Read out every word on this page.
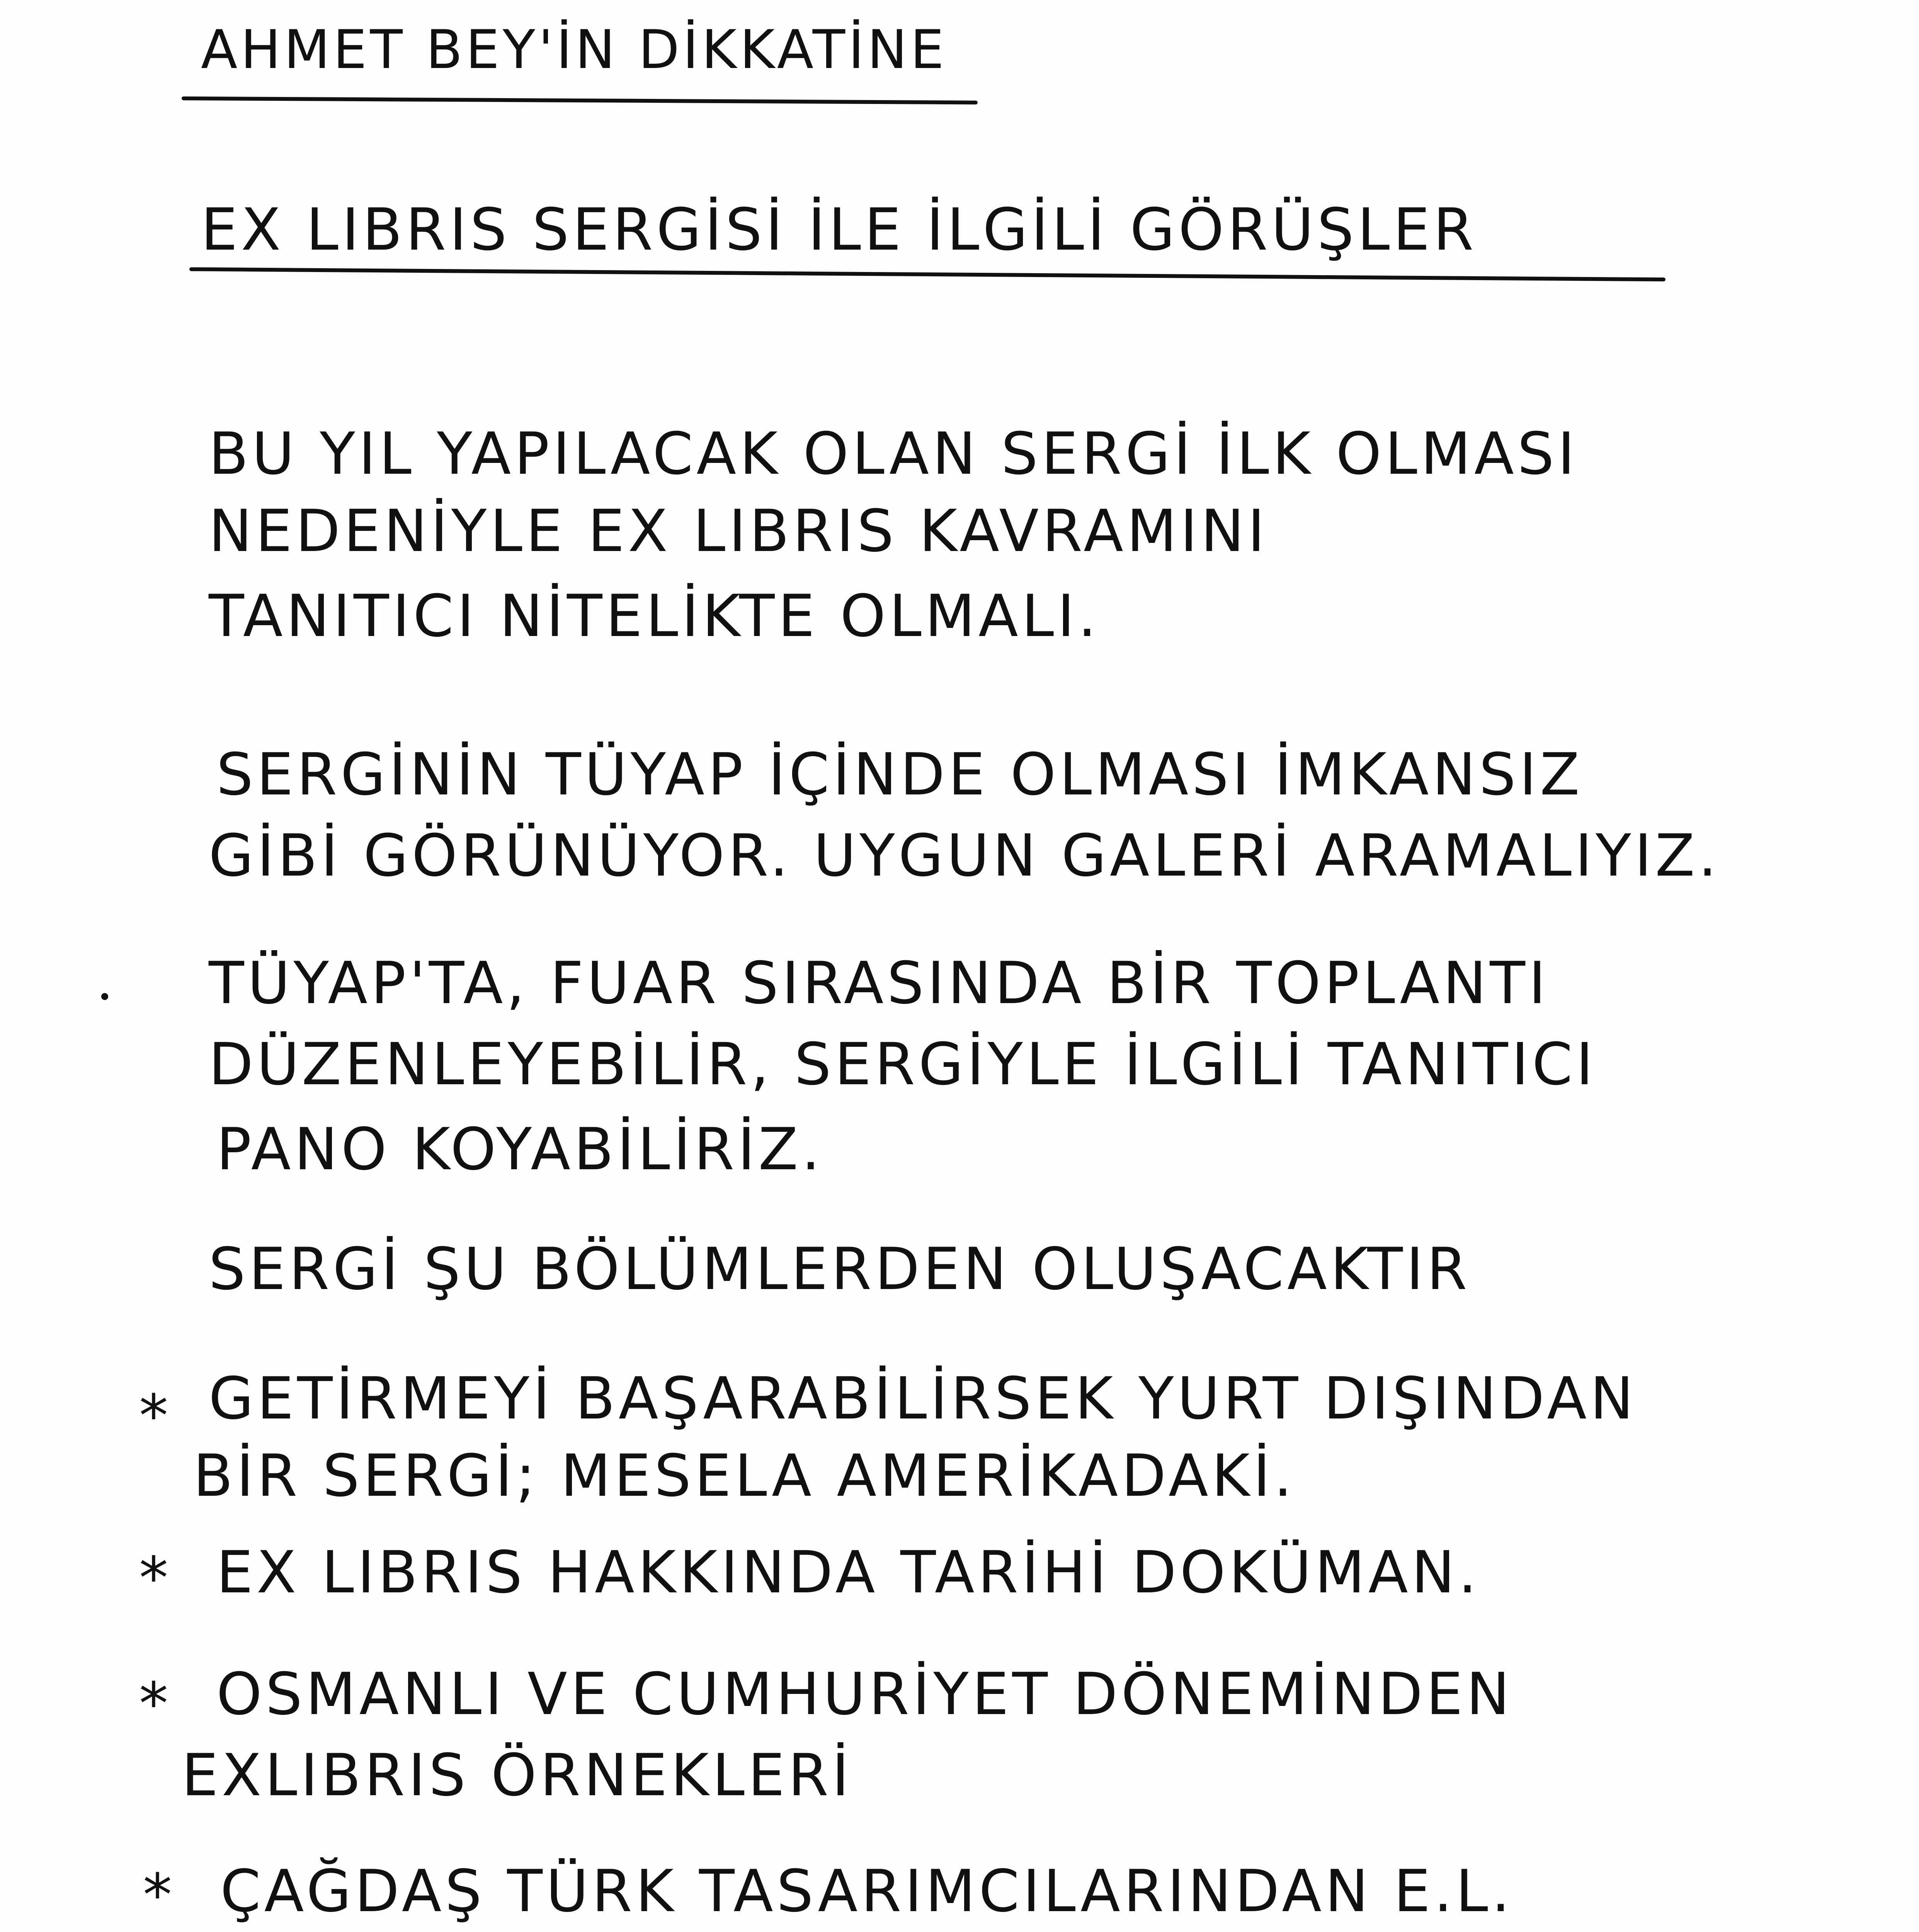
AHMET BEY'İN DİKKATİNE
EX LIBRIS SERGİSİ İLE İLGİLİ GÖRÜŞLER
BU YIL YAPILACAK OLAN SERGİ İLK OLMASI
NEDENİYLE EX LIBRIS KAVRAMINI
TANITICI NİTELİKTE OLMALI.
SERGİNİN TÜYAP İÇİNDE OLMASI İMKANSIZ
GİBİ GÖRÜNÜYOR. UYGUN GALERİ ARAMALIYIZ.
TÜYAP'TA, FUAR SIRASINDA BİR TOPLANTI
DÜZENLEYEBİLİR, SERGİYLE İLGİLİ TANITICI
PANO KOYABİLİRİZ.
SERGİ ŞU BÖLÜMLERDEN OLUŞACAKTIR
* GETİRMEYİ BAŞARABİLİRSEK YURT DIŞINDAN
BİR SERGİ; MESELA AMERİKADAKİ.
* EX LIBRIS HAKKINDA TARİHİ DOKÜMAN.
* OSMANLI VE CUMHURİYET DÖNEMİNDEN
EXLIBRIS ÖRNEKLERİ
* ÇAĞDAŞ TÜRK TASARIMCILARINDAN E.L.
